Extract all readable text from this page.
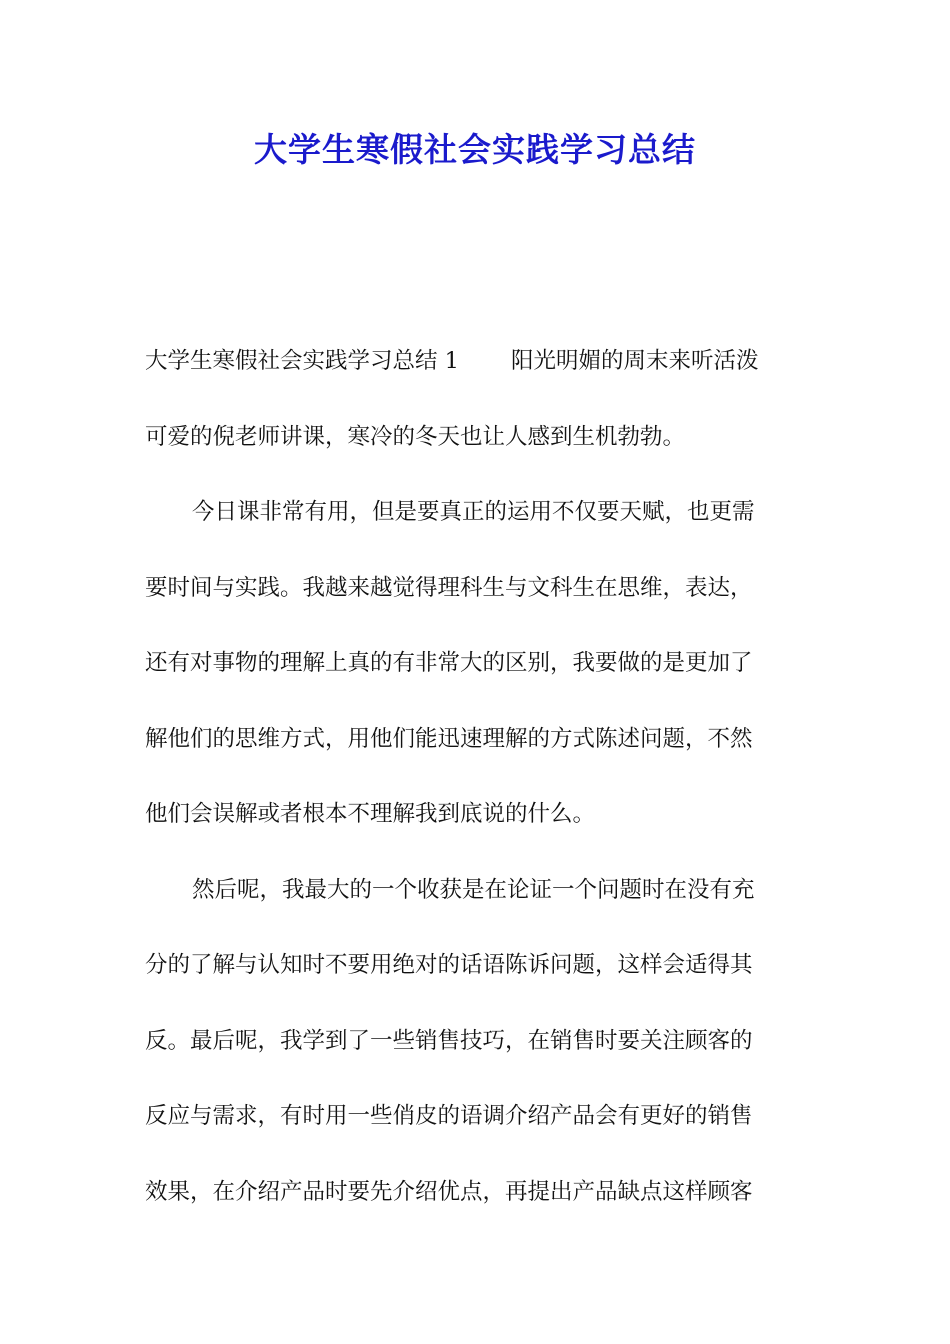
大学生寒假社会实践学习总结
大学生寒假社会实践学习总结 1 阳光明媚的周末来听活泼
可爱的倪老师讲课，寒冷的冬天也让人感到生机勃勃。
今日课非常有用，但是要真正的运用不仅要天赋，也更需
要时间与实践。我越来越觉得理科生与文科生在思维，表达，
还有对事物的理解上真的有非常大的区别，我要做的是更加了
解他们的思维方式，用他们能迅速理解的方式陈述问题，不然
他们会误解或者根本不理解我到底说的什么。
然后呢，我最大的一个收获是在论证一个问题时在没有充
分的了解与认知时不要用绝对的话语陈诉问题，这样会适得其
反。最后呢，我学到了一些销售技巧，在销售时要关注顾客的
反应与需求，有时用一些俏皮的语调介绍产品会有更好的销售
效果，在介绍产品时要先介绍优点，再提出产品缺点这样顾客
